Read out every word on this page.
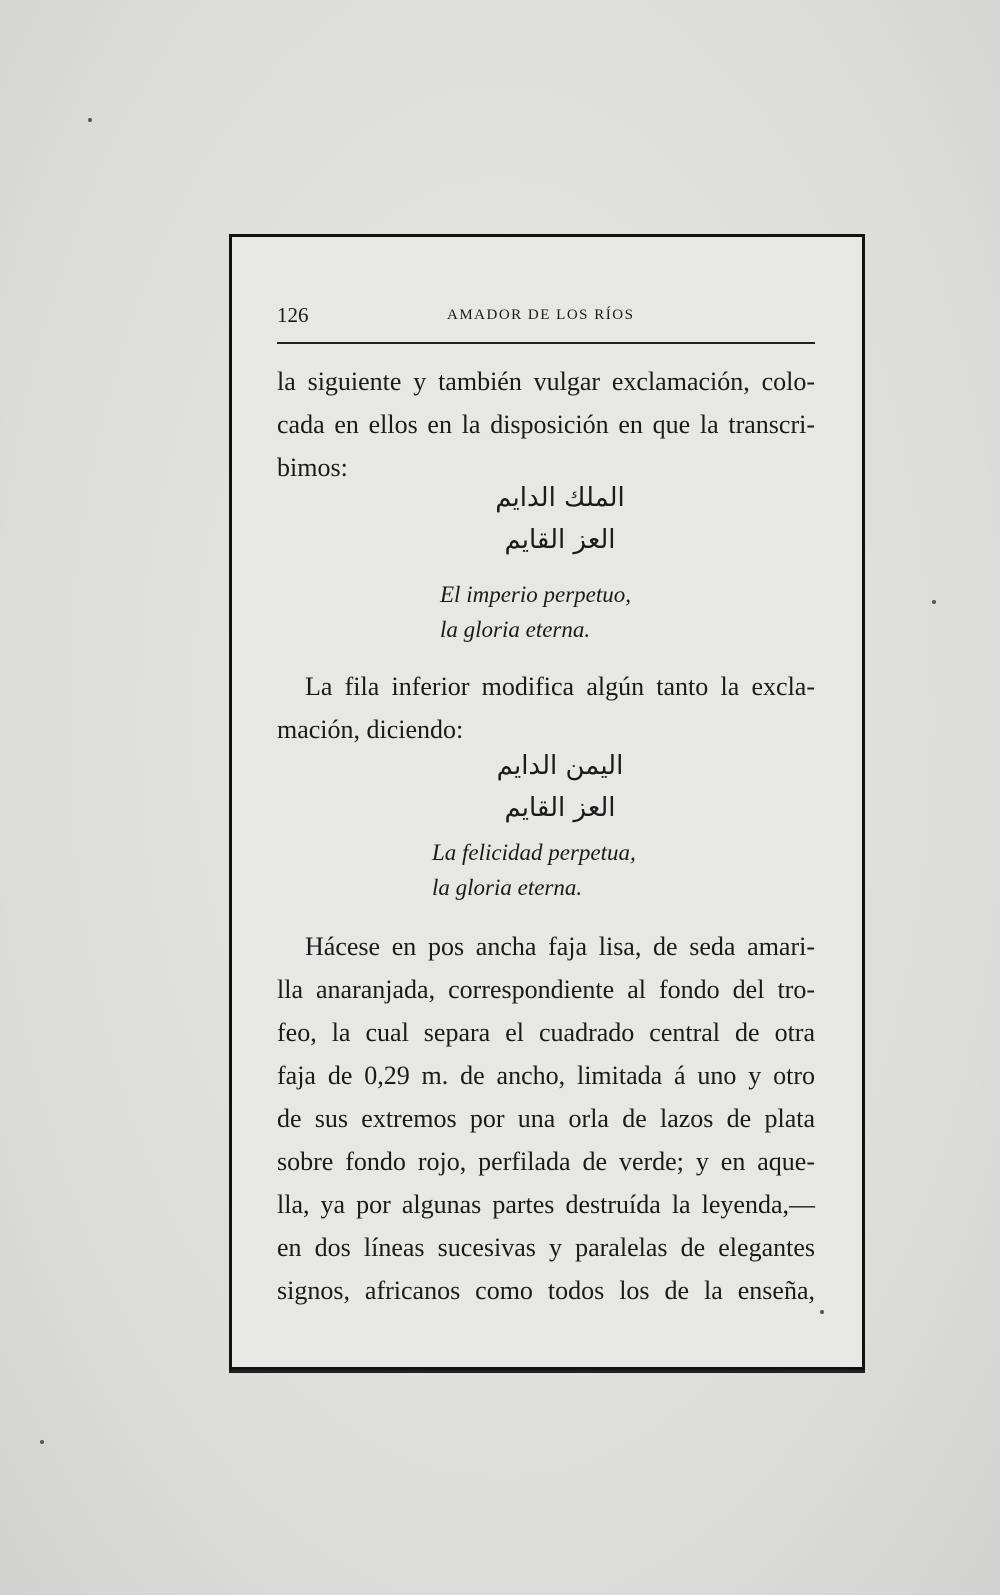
126	AMADOR DE LOS RÍOS
la siguiente y también vulgar exclamación, colo-
cada en ellos en la disposición en que la transcri-
bimos:
الملك الدايم
العز القايم
El imperio perpetuo,
la gloria eterna.
La fila inferior modifica algún tanto la excla-
mación, diciendo:
اليمن الدايم
العز القايم
La felicidad perpetua,
la gloria eterna.
Hácese en pos ancha faja lisa, de seda amari-
lla anaranjada, correspondiente al fondo del tro-
feo, la cual separa el cuadrado central de otra
faja de 0,29 m. de ancho, limitada á uno y otro
de sus extremos por una orla de lazos de plata
sobre fondo rojo, perfilada de verde; y en aque-
lla, ya por algunas partes destruída la leyenda,—
en dos líneas sucesivas y paralelas de elegantes
signos, africanos como todos los de la enseña,
